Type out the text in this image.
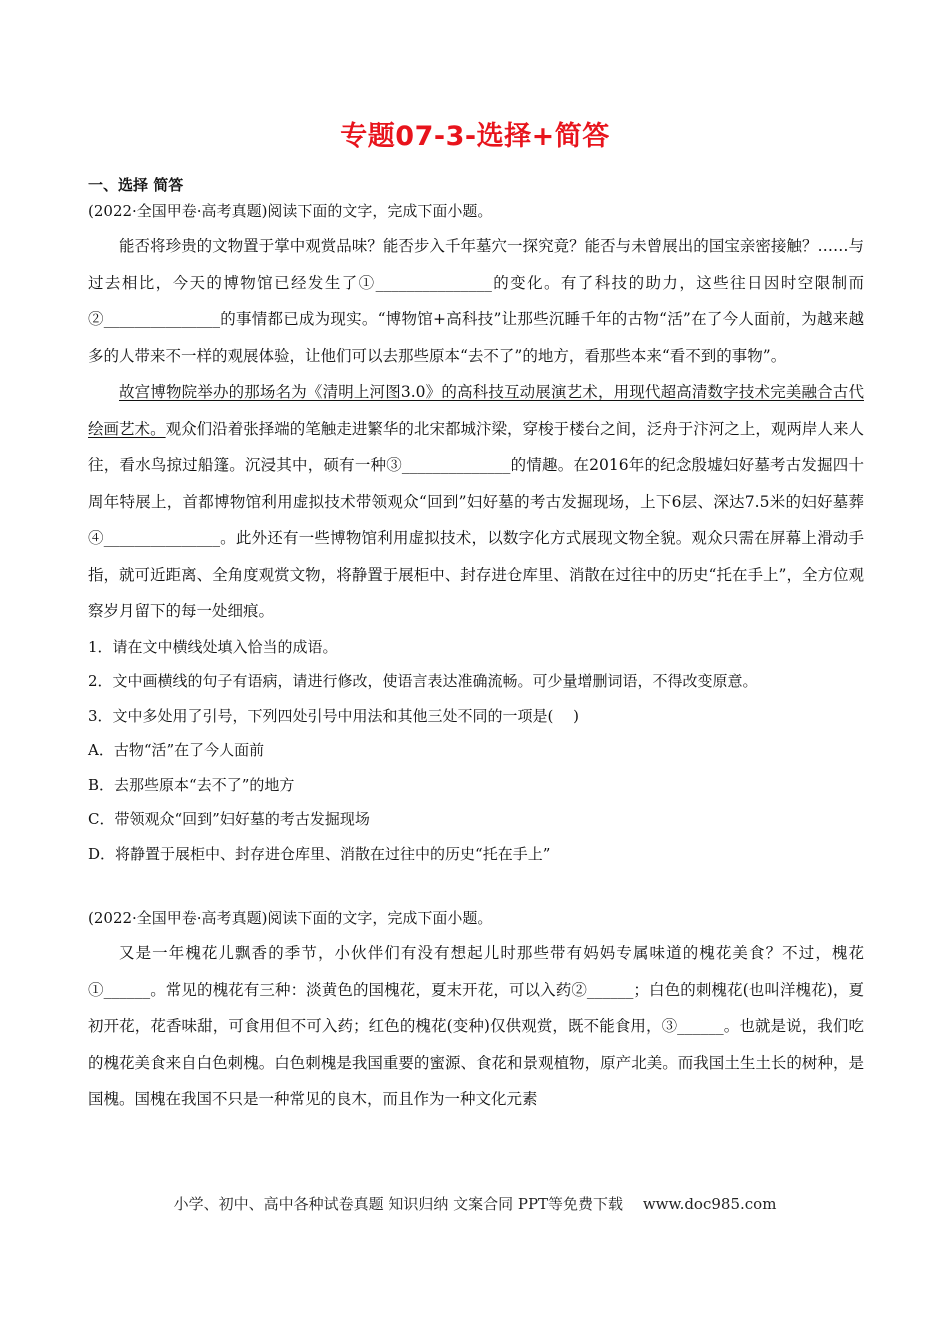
专题07-3-选择+简答
一、选择 简答
(2022·全国甲卷·高考真题)阅读下面的文字，完成下面小题。

能否将珍贵的文物置于掌中观赏品味？能否步入千年墓穴一探究竟？能否与未曾展出的国宝亲密接触？……与过去相比，今天的博物馆已经发生了①_______________的变化。有了科技的助力，这些往日因时空限制而②_______________的事情都已成为现实。“博物馆+高科技”让那些沉睡千年的古物“活”在了今人面前，为越来越多的人带来不一样的观展体验，让他们可以去那些原本“去不了”的地方，看那些本来“看不到的事物”。

故宫博物院举办的那场名为《清明上河图3.0》的高科技互动展演艺术，用现代超高清数字技术完美融合古代绘画艺术。观众们沿着张择端的笔触走进繁华的北宋都城汴梁，穿梭于楼台之间，泛舟于汴河之上，观两岸人来人往，看水鸟掠过船篷。沉浸其中，硕有一种③______________的情趣。在2016年的纪念殷墟妇好墓考古发掘四十周年特展上，首都博物馆利用虚拟技术带领观众“回到”妇好墓的考古发掘现场，上下6层、深达7.5米的妇好墓葬④_______________。此外还有一些博物馆利用虚拟技术，以数字化方式展现文物全貌。观众只需在屏幕上滑动手指，就可近距离、全角度观赏文物，将静置于展柜中、封存进仓库里、消散在过往中的历史“托在手上”，全方位观察岁月留下的每一处细痕。

1．请在文中横线处填入恰当的成语。

2．文中画横线的句子有语病，请进行修改，使语言表达准确流畅。可少量增删词语，不得改变原意。

3．文中多处用了引号，下列四处引号中用法和其他三处不同的一项是(　 )

A．古物“活”在了今人面前

B．去那些原本“去不了”的地方

C．带领观众“回到”妇好墓的考古发掘现场

D．将静置于展柜中、封存进仓库里、消散在过往中的历史“托在手上”

(2022·全国甲卷·高考真题)阅读下面的文字，完成下面小题。

又是一年槐花儿飘香的季节，小伙伴们有没有想起儿时那些带有妈妈专属味道的槐花美食？不过，槐花①______。常见的槐花有三种：淡黄色的国槐花，夏末开花，可以入药②______；白色的刺槐花(也叫洋槐花)，夏初开花，花香味甜，可食用但不可入药；红色的槐花(变种)仅供观赏，既不能食用，③______。也就是说，我们吃的槐花美食来自白色刺槐。白色刺槐是我国重要的蜜源、食花和景观植物，原产北美。而我国土生土长的树种，是国槐。国槐在我国不只是一种常见的良木，而且作为一种文化元素

小学、初中、高中各种试卷真题 知识归纳 文案合同 PPT等免费下载　 www.doc985.com
